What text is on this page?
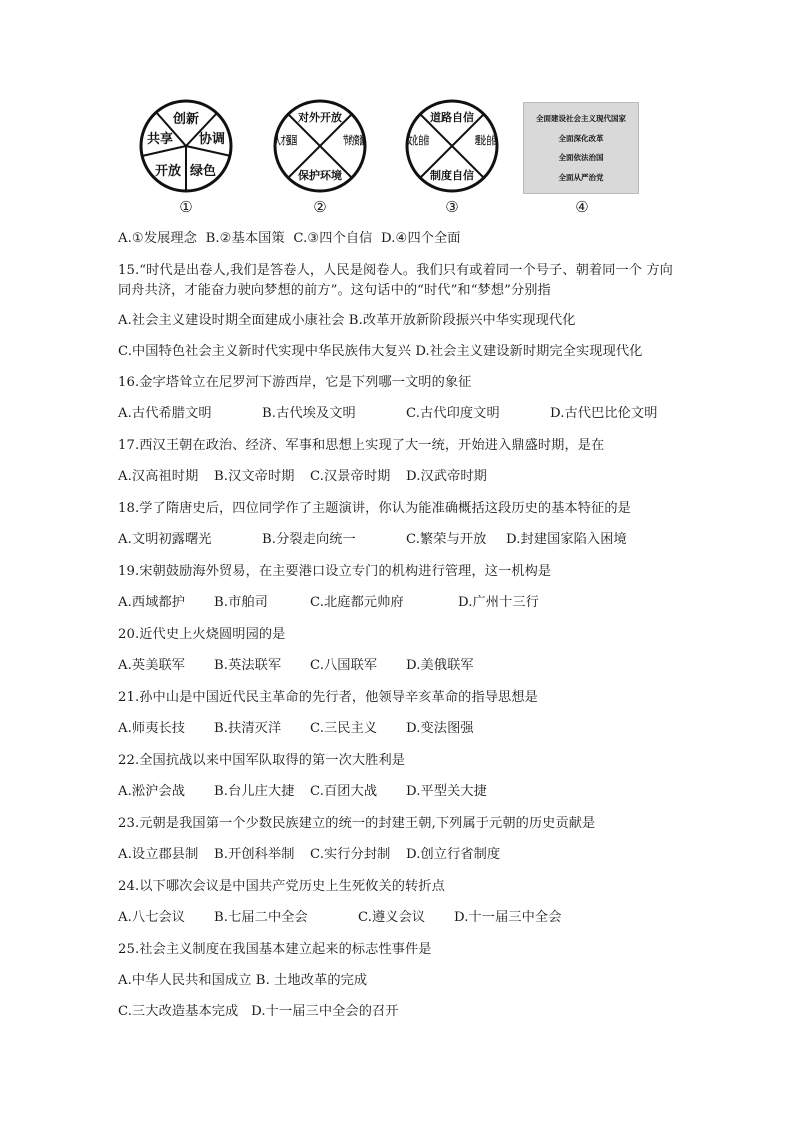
创新
协调
绿色
开放
共享
①
对外开放
保护环境
②
道路自信
制度自信
③
全面建设社会主义现代国家
全面深化改革
全面依法治国
全面从严治党
④
A.①发展理念 B.②基本国策 C.③四个自信 D.④四个全面
15.“时代是出卷人,我们是答卷人，人民是阅卷人。我们只有或着同一个号子、朝着同一个 方向同舟共济，才能奋力驶向梦想的前方”。这句话中的“时代”和“梦想”分别指
A.社会主义建设时期全面建成小康社会 B.改革开放新阶段振兴中华实现现代化
C.中国特色社会主义新时代实现中华民族伟大复兴 D.社会主义建设新时期完全实现现代化
16.金字塔耸立在尼罗河下游西岸，它是下列哪一文明的象征
A.古代希腊文明	B.古代埃及文明	C.古代印度文明	D.古代巴比伦文明
17.西汉王朝在政治、经济、军事和思想上实现了大一统，开始进入鼎盛时期，是在
A.汉高祖时期 B.汉文帝时期 C.汉景帝时期 D.汉武帝时期
18.学了隋唐史后，四位同学作了主题演讲，你认为能准确概括这段历史的基本特征的是
A.文明初露曙光	B.分裂走向统一	C.繁荣与开放 D.封建国家陷入困境
19.宋朝鼓励海外贸易，在主要港口设立专门的机构进行管理，这一机构是
A.西域都护 B.市舶司	C.北庭都元帅府	D.广州十三行
20.近代史上火烧圆明园的是
A.英美联军 B.英法联军 C.八国联军 D.美俄联军
21.孙中山是中国近代民主革命的先行者，他领导辛亥革命的指导思想是
A.师夷长技 B.扶清灭洋 C.三民主义 D.变法图强
22.全国抗战以来中国军队取得的第一次大胜利是
A.淞沪会战 B.台儿庄大捷 C.百团大战 D.平型关大捷
23.元朝是我国第一个少数民族建立的统一的封建王朝,下列属于元朝的历史贡献是
A.设立郡县制 B.开创科举制 C.实行分封制 D.创立行省制度
24.以下哪次会议是中国共产党历史上生死攸关的转折点
A.八七会议 B.七届二中全会	C.遵义会议 D.十一届三中全会
25.社会主义制度在我国基本建立起来的标志性事件是
A.中华人民共和国成立 B. 土地改革的完成
C.三大改造基本完成   D.十一届三中全会的召开
